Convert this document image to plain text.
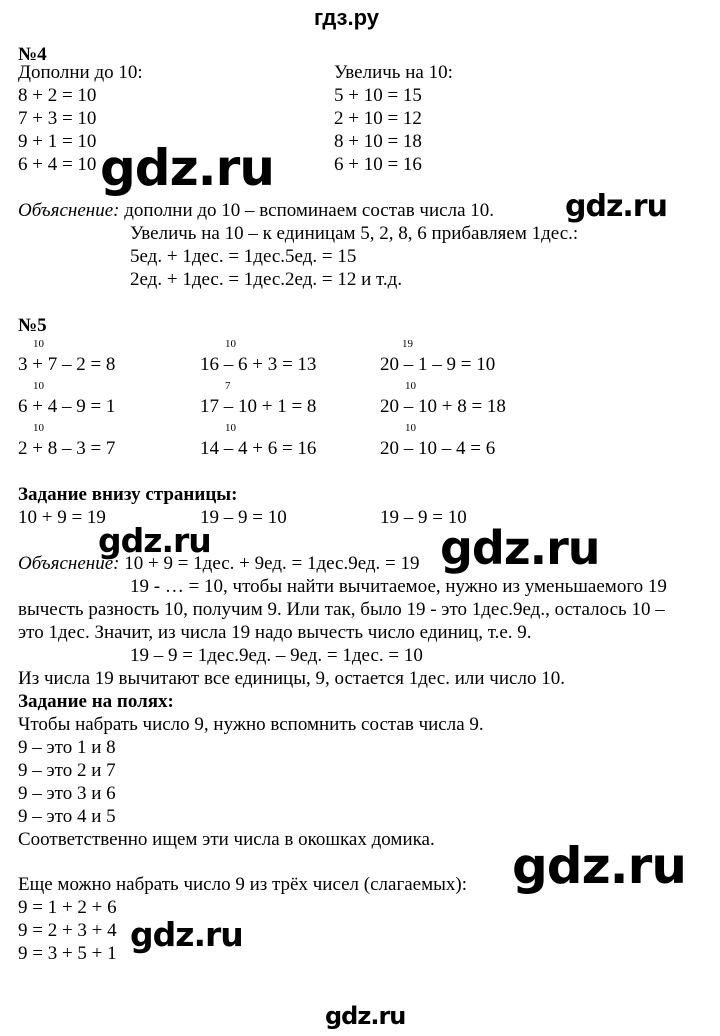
гдз.ру
№4
Дополни до 10:
8 + 2 = 10
7 + 3 = 10
9 + 1 = 10
6 + 4 = 10
Увеличь на 10:
5 + 10 = 15
2 + 10 = 12
8 + 10 = 18
6 + 10 = 16
Объяснение: дополни до 10 – вспоминаем состав числа 10.
Увеличь на 10 – к единицам 5, 2, 8, 6 прибавляем 1дес.:
5ед. + 1дес. = 1дес.5ед. = 15
2ед. + 1дес. = 1дес.2ед. = 12 и т.д.
№5
10	10	19
3 + 7 – 2 = 8	16 – 6 + 3 = 13	20 – 1 – 9 = 10
10	7	10
6 + 4 – 9 = 1	17 – 10 + 1 = 8	20 – 10 + 8 = 18
10	10	10
2 + 8 – 3 = 7	14 – 4 + 6 = 16	20 – 10 – 4 = 6
Задание внизу страницы:
10 + 9 = 19	19 – 9 = 10	19 – 9 = 10
Объяснение: 10 + 9 = 1дес. + 9ед. = 1дес.9ед. = 19
19 - … = 10, чтобы найти вычитаемое, нужно из уменьшаемого 19
вычесть разность 10, получим 9. Или так, было 19 - это 1дес.9ед., осталось 10 –
это 1дес. Значит, из числа 19 надо вычесть число единиц, т.е. 9.
19 – 9 = 1дес.9ед. – 9ед. = 1дес. = 10
Из числа 19 вычитают все единицы, 9, остается 1дес. или число 10.
Задание на полях:
Чтобы набрать число 9, нужно вспомнить состав числа 9.
9 – это 1 и 8
9 – это 2 и 7
9 – это 3 и 6
9 – это 4 и 5
Соответственно ищем эти числа в окошках домика.
Еще можно набрать число 9 из трёх чисел (слагаемых):
9 = 1 + 2 + 6
9 = 2 + 3 + 4
9 = 3 + 5 + 1
gdz.ru
gdz.ru
gdz.ru	gdz.ru
gdz.ru
gdz.ru
gdz.ru
